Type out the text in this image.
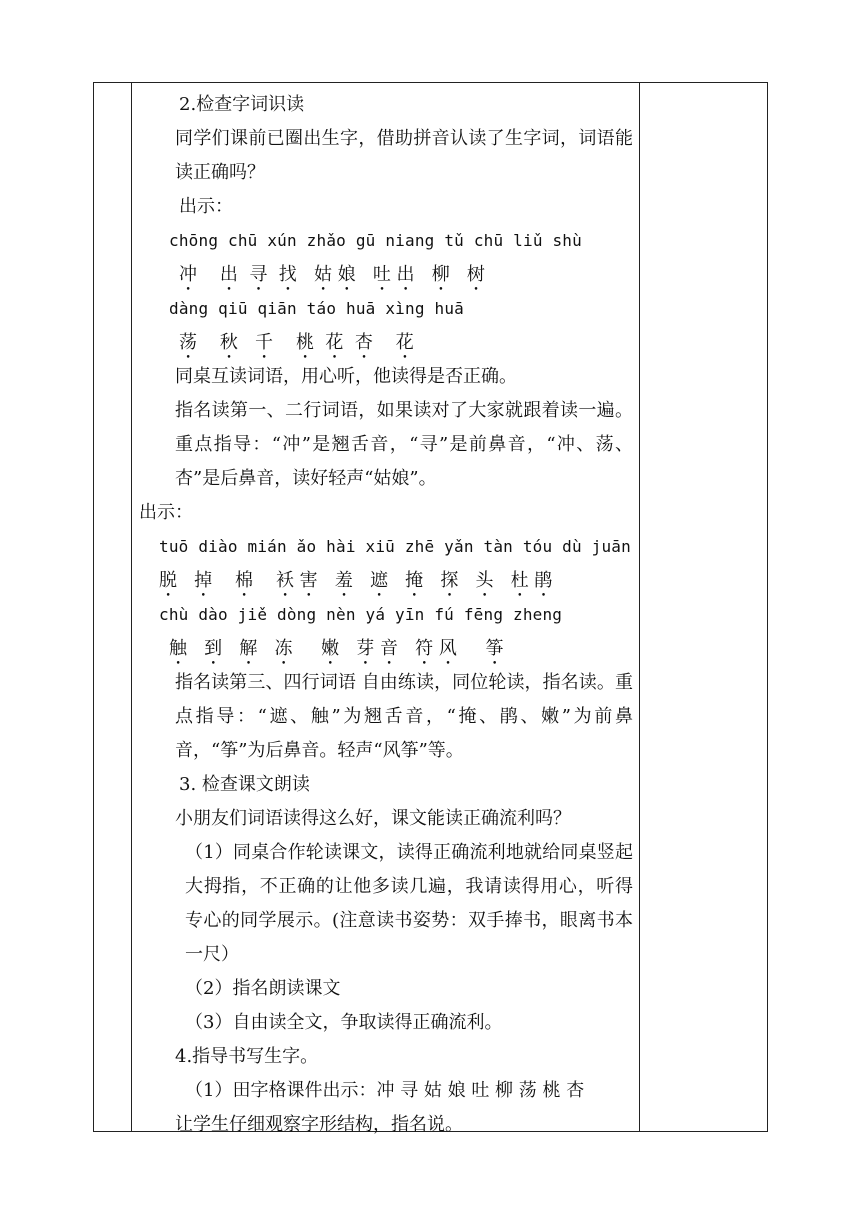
2.检查字词识读
同学们课前已圈出生字，借助拼音认读了生字词，词语能读正确吗？
出示：
chōng chū xún zhǎo gū niang tǔ chū liǔ shù
冲    出  寻  找   姑 娘   吐 出   柳   树
dàng qiū qiān táo huā xìng huā
荡    秋   千    桃  花  杏    花
同桌互读词语，用心听，他读得是否正确。
指名读第一、二行词语，如果读对了大家就跟着读一遍。重点指导：“冲”是翘舌音，“寻”是前鼻音，“冲、荡、杏”是后鼻音，读好轻声“姑娘”。
出示：
tuō diào mián ǎo hài xiū zhē yǎn tàn tóu dù juān
脱   掉    棉    袄 害   羞   遮   掩   探   头   杜 鹃
chù dào jiě dòng nèn yá yīn fú fēng zheng
触   到   解   冻     嫩   芽 音   符 风     筝
指名读第三、四行词语 自由练读，同位轮读，指名读。重点指导：“遮、触”为翘舌音，“掩、鹃、嫩”为前鼻音，“筝”为后鼻音。轻声“风筝”等。
3. 检查课文朗读
小朋友们词语读得这么好，课文能读正确流利吗？
（1）同桌合作轮读课文，读得正确流利地就给同桌竖起大拇指，不正确的让他多读几遍，我请读得用心，听得专心的同学展示。(注意读书姿势：双手捧书，眼离书本一尺）
（2）指名朗读课文
（3）自由读全文，争取读得正确流利。
4.指导书写生字。
（1）田字格课件出示：冲 寻 姑 娘 吐 柳 荡 桃 杏
让学生仔细观察字形结构，指名说。
